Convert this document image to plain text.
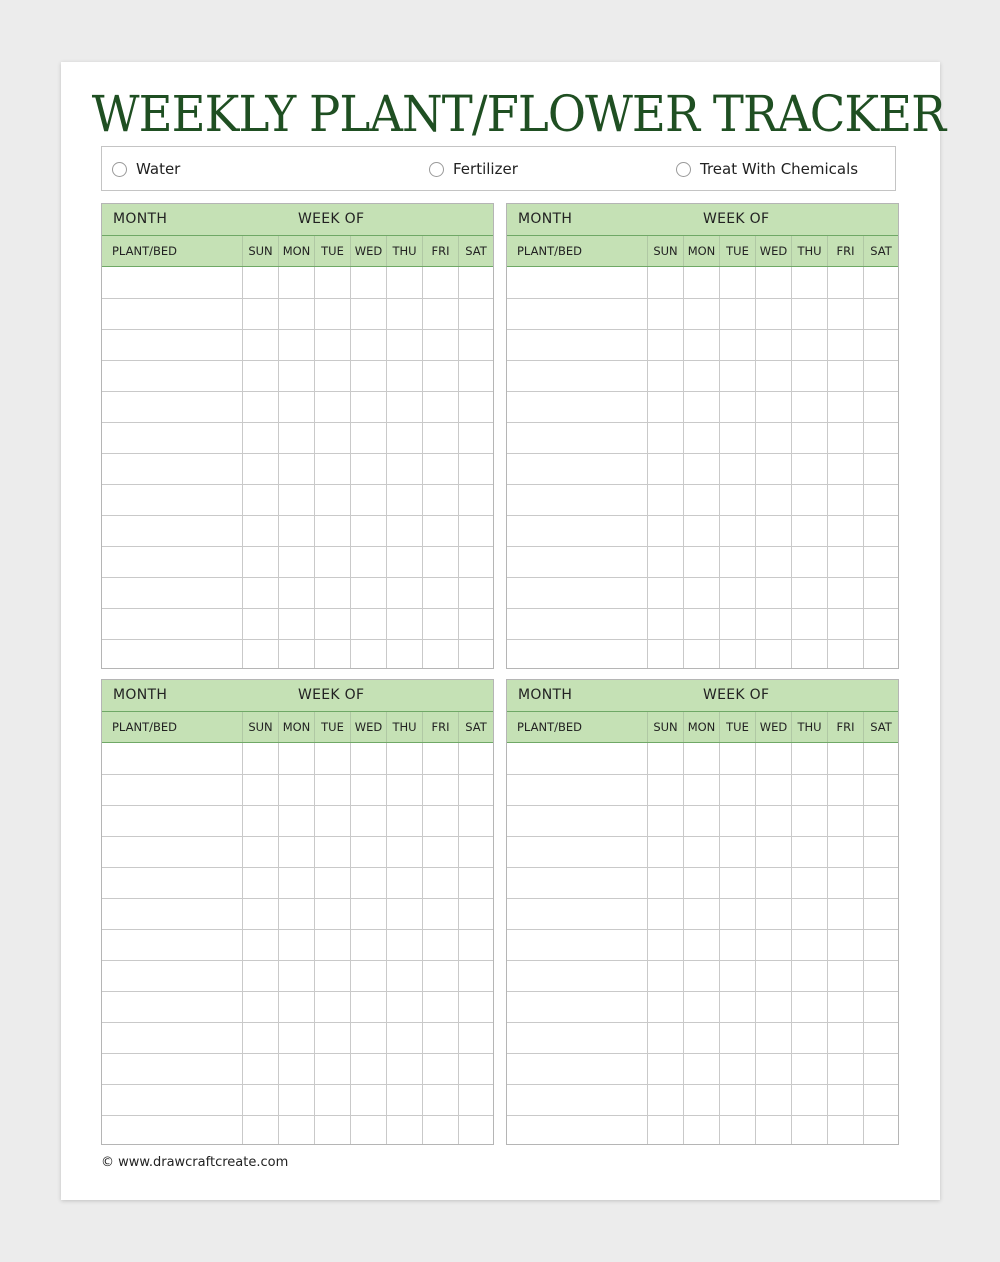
WEEKLY PLANT/FLOWER TRACKER
Water	Fertilizer	Treat With Chemicals
MONTH	WEEK OF
PLANT/BED	SUN MON TUE WED THU	FRI	SAT
MONTH	WEEK OF
PLANT/BED	SUN MON TUE WED THU	FRI	SAT
MONTH	WEEK OF
PLANT/BED	SUN MON TUE WED THU	FRI	SAT
MONTH	WEEK OF
PLANT/BED	SUN MON TUE WED THU	FRI	SAT
© www.drawcraftcreate.com
